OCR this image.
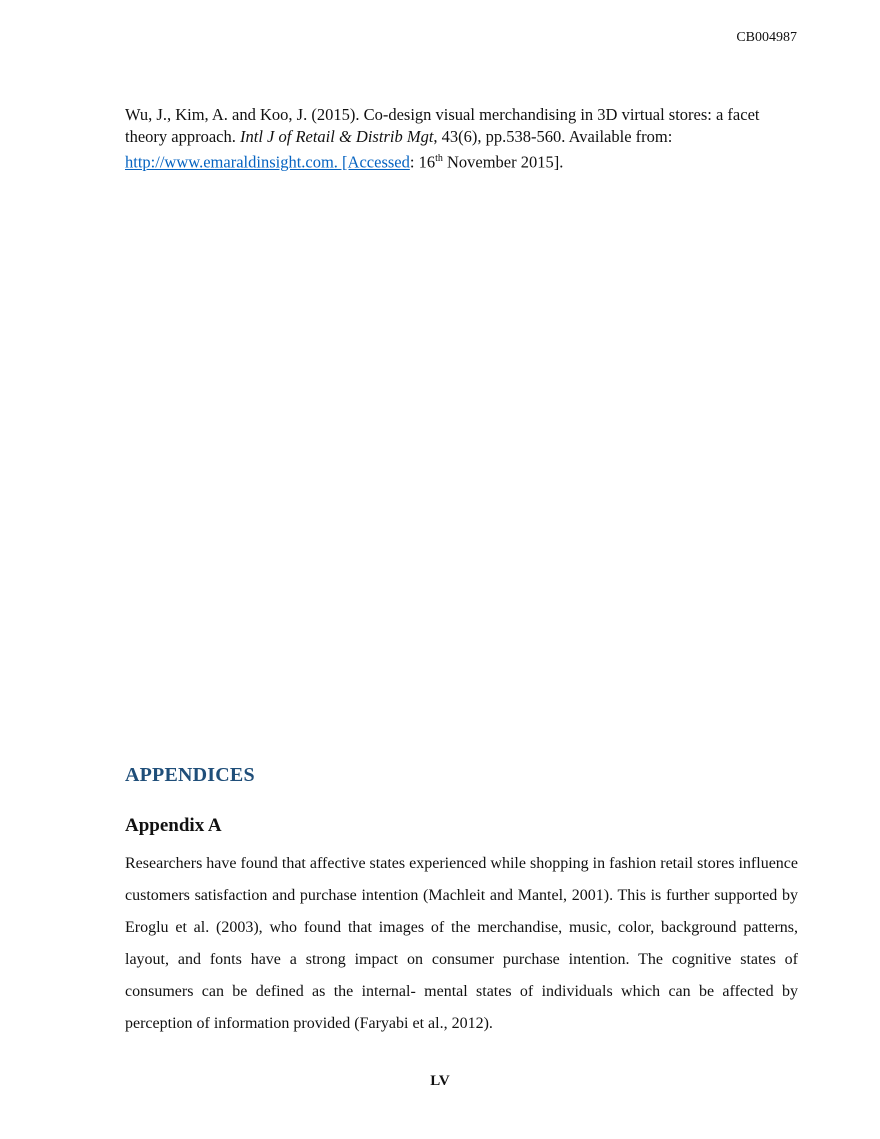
CB004987

Wu, J., Kim, A. and Koo, J. (2015). Co-design visual merchandising in 3D virtual stores: a facet theory approach. Intl J of Retail & Distrib Mgt, 43(6), pp.538-560. Available from: http://www.emaraldinsight.com. [Accessed: 16th November 2015].

APPENDICES
Appendix A

Researchers have found that affective states experienced while shopping in fashion retail stores influence customers satisfaction and purchase intention (Machleit and Mantel, 2001). This is further supported by Eroglu et al. (2003), who found that images of the merchandise, music, color, background patterns, layout, and fonts have a strong impact on consumer purchase intention. The cognitive states of consumers can be defined as the internal- mental states of individuals which can be affected by perception of information provided (Faryabi et al., 2012).

LV
